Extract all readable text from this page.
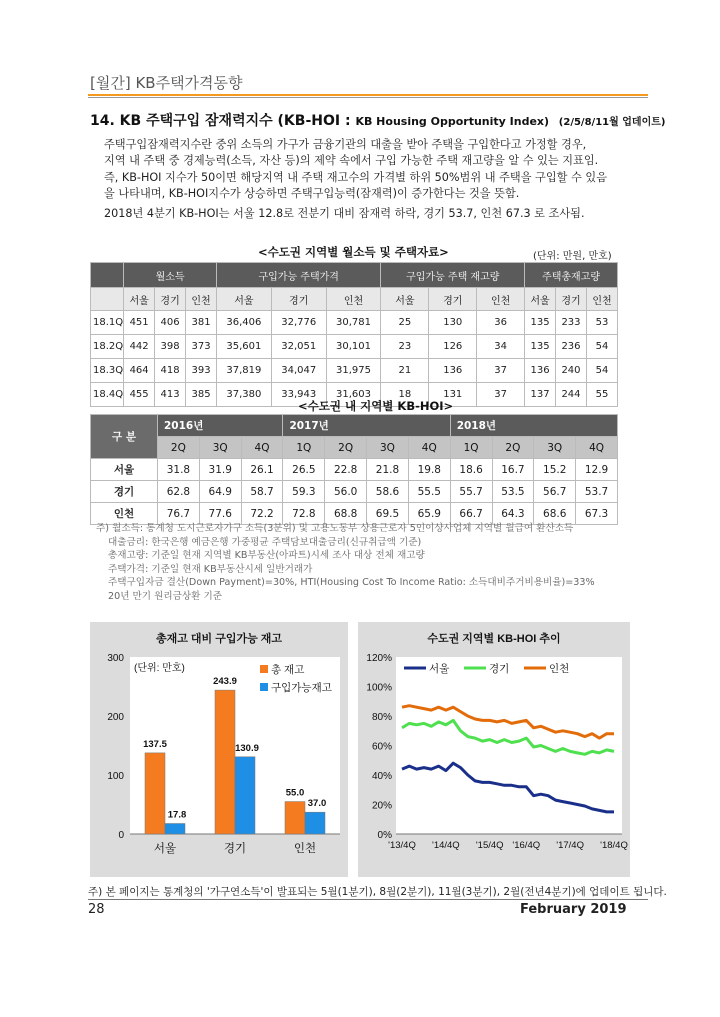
[월간] KB주택가격동향
14. KB 주택구입 잠재력지수 (KB-HOI : KB Housing Opportunity Index) (2/5/8/11월 업데이트)

주택구입잠재력지수란 중위 소득의 가구가 금융기관의 대출을 받아 주택을 구입한다고 가정할 경우,

지역 내 주택 중 경제능력(소득, 자산 등)의 제약 속에서 구입 가능한 주택 재고량을 알 수 있는 지표임.

즉, KB-HOI 지수가 50이면 해당지역 내 주택 재고수의 가격별 하위 50%범위 내 주택을 구입할 수 있음

을 나타내며, KB-HOI지수가 상승하면 주택구입능력(잠재력)이 증가한다는 것을 뜻함.

2018년 4분기 KB-HOI는 서울 12.8로 전분기 대비 잠재력 하락, 경기 53.7, 인천 67.3 로 조사됨.

<수도권 지역별 월소득 및 주택자료>	(단위: 만원, 만호)
	월소득			구입가능 주택가격			구입가능 주택 재고량			주택총재고량		
	서울	경기	인천	서울	경기	인천	서울	경기	인천	서울	경기	인천
18.1Q	451	406	381	36,406	32,776	30,781	25	130	36	135	233	53
18.2Q	442	398	373	35,601	32,051	30,101	23	126	34	135	236	54
18.3Q	464	418	393	37,819	34,047	31,975	21	136	37	136	240	54
18.4Q	455	413	385	37,380	33,943	31,603	18	131	37	137	244	55
<수도권 내 지역별 KB-HOI>
구 분	2016년			2017년				2018년			
	2Q	3Q	4Q	1Q	2Q	3Q	4Q	1Q	2Q	3Q	4Q
서울	31.8	31.9	26.1	26.5	22.8	21.8	19.8	18.6	16.7	15.2	12.9
경기	62.8	64.9	58.7	59.3	56.0	58.6	55.5	55.7	53.5	56.7	53.7
인천	76.7	77.6	72.2	72.8	68.8	69.5	65.9	66.7	64.3	68.6	67.3
주) 월소득: 통계청 도시근로자가구 소득(3분위) 및 고용노동부 상용근로자 5인이상사업체 지역별 월급여 환산소득
대출금리: 한국은행 예금은행 가중평균 주택담보대출금리(신규취급액 기준)
총재고량: 기준일 현재 지역별 KB부동산(아파트)시세 조사 대상 전체 재고량
주택가격: 기준일 현재 KB부동산시세 일반거래가
주택구입자금 결산(Down Payment)=30%, HTI(Housing Cost To Income Ratio: 소득대비주거비용비율)=33%
20년 만기 원리금상환 기준
총재고 대비 구입가능 재고
0
100
200
300
(단위: 만호)
서울
137.5
17.8
경기
243.9
130.9
인천
55.0
37.0
총 재고
구입가능재고
수도권 지역별 KB-HOI 추이
0%
20%
40%
60%
80%
100%
120%
'13/4Q '14/4Q '15/4Q '16/4Q '17/4Q '18/4Q
서울	경기	인천
주) 본 페이지는 통계청의 '가구연소득'이 발표되는 5월(1분기), 8월(2분기), 11월(3분기), 2월(전년4분기)에 업데이트 됩니다.
28	February 2019
